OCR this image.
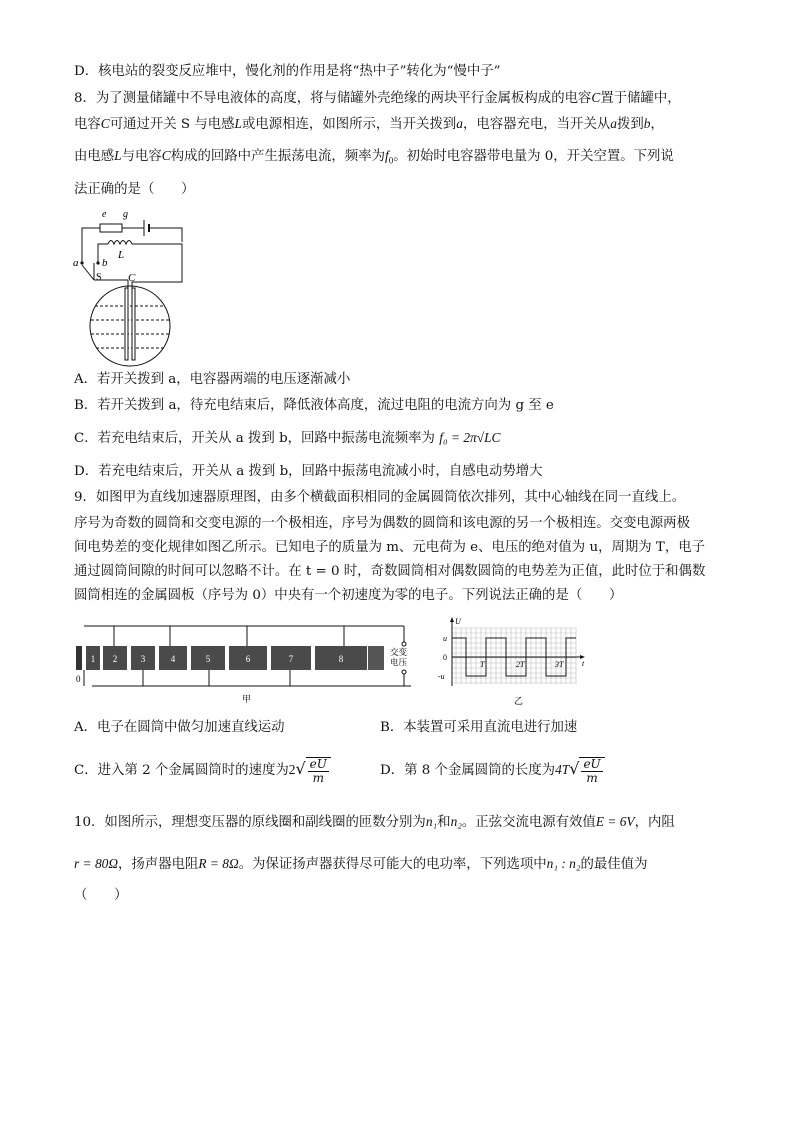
D．核电站的裂变反应堆中，慢化剂的作用是将“热中子”转化为“慢中子”
8．为了测量储罐中不导电液体的高度，将与储罐外壳绝缘的两块平行金属板构成的电容C置于储罐中，
电容C可通过开关 S 与电感L或电源相连，如图所示，当开关拨到a，电容器充电，当开关从a拨到b，
由电感L与电容C构成的回路中产生振荡电流，频率为$f_0$。初始时电容器带电量为 0，开关空置。下列说
法正确的是（　　）
e g
L
a b
S C
A．若开关拨到 a，电容器两端的电压逐渐减小
B．若开关拨到 a，待充电结束后，降低液体高度，流过电阻的电流方向为 g 至 e
C．若充电结束后，开关从 a 拨到 b，回路中振荡电流频率为 f₀ = 2π√LC
D．若充电结束后，开关从 a 拨到 b，回路中振荡电流减小时，自感电动势增大
9．如图甲为直线加速器原理图，由多个横截面积相同的金属圆筒依次排列，其中心轴线在同一直线上。
序号为奇数的圆筒和交变电源的一个极相连，序号为偶数的圆筒和该电源的另一个极相连。交变电源两极
间电势差的变化规律如图乙所示。已知电子的质量为 m、元电荷为 e、电压的绝对值为 u，周期为 T，电子
通过圆筒间隙的时间可以忽略不计。在 t = 0 时，奇数圆筒相对偶数圆筒的电势差为正值，此时位于和偶数
圆筒相连的金属圆板（序号为 0）中央有一个初速度为零的电子。下列说法正确的是（　　）
1 2	3	4	5	6	7	8
0
交变
电压
甲
U
t
u
0
-u
T	2T	3T
乙
A．电子在圆筒中做匀加速直线运动	B．本装置可采用直流电进行加速
C．进入第 2 个金属圆筒时的速度为$2√ \frac{eU}{m}$	D．第 8 个金属圆筒的长度为$4T√ \frac{eU}{m}$
10．如图所示，理想变压器的原线圈和副线圈的匝数分别为n₁和n₂。正弦交流电源有效值E = 6V，内阻
r = 80Ω，扬声器电阻R = 8Ω。为保证扬声器获得尽可能大的电功率，下列选项中n₁ : n₂的最佳值为
（　　）
